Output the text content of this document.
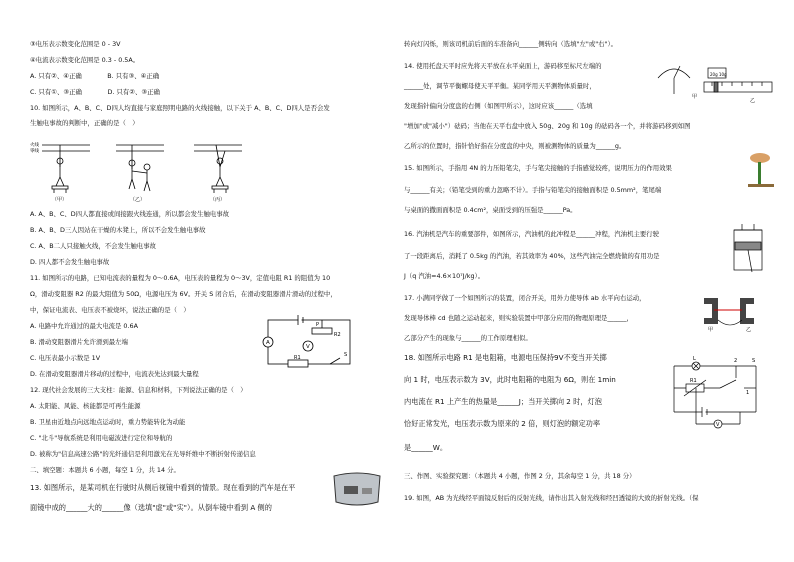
③电压表示数变化范围是 0 - 3V
④电流表示数变化范围是 0.3 - 0.5A。
A. 只有②、④正确　　　　B. 只有③、④正确
C. 只有①、③正确　　　　D. 只有②、③正确
10. 如图所示，A、B、C、D四人均直接与家庭照明电路的火线接触，以下关于 A、B、C、D四人是否会发
生触电事故的判断中，正确的是（　）
火线
零线
（甲）	（乙）	（丙）
A. A、B、C、D四人都直接或间接跟火线连通，所以都会发生触电事故
B. A、B、D三人因站在干燥的木凳上，所以不会发生触电事故
C. A、B二人只接触火线，不会发生触电事故
D. 四人都不会发生触电事故
11. 如图所示的电路，已知电流表的量程为 0～0.6A，电压表的量程为 0～3V，定值电阻 R1 的阻值为 10
Ω，滑动变阻器 R2 的最大阻值为 50Ω，电源电压为 6V。开关 S 闭合后，在滑动变阻器滑片滑动的过程中，
中，保证电流表、电压表不被烧坏，说法正确的是（　）
A. 电路中允许通过的最大电流是 0.6A
B. 滑动变阻器滑片允许滑到最左端
C. 电压表最小示数是 1V
D. 在滑动变阻器滑片移动的过程中，电流表先达到最大量程
A
V
P
R2
R1	S
12. 现代社会发展的三大支柱：能源、信息和材料，下列说法正确的是（　）
A. 太阳能、风能、核能都是可再生能源
B. 卫星由近地点向远地点运动时，重力势能转化为动能
C. "北斗"导航系统是利用电磁波进行定位和导航的
D. 被称为"信息高速公路"的光纤通信是利用激光在光导纤维中不断折射传递信息
二、填空题：本题共 6 小题，每空 1 分，共 14 分。
13. 如图所示，是某司机在行驶时从侧后视镜中看到的情景。现在看到的汽车是在平
面镜中成的______大的______像（选填"虚"或"实"）。从倒车镜中看到 A 侧的
转向灯闪烁，则该司机前后面的车准备向______侧转向（选填"左"或"右"）。
14. 使用托盘天平时应先将天平放在水平桌面上，游码移至标尺左端的
______处，调节平衡螺母使天平平衡。某同学用天平测物体质量时，
发现指针偏向分度盘的右侧（如图甲所示），这时应该______（选填
"增加"或"减小"）砝码；当他在天平右盘中放入 50g、20g 和 10g 的砝码各一个，并将游码移到如图
乙所示的位置时，指针恰好指在分度盘的中央，则被测物体的质量为______g。
20g 10g
甲
乙
15. 如图所示，手指用 4N 的力压铅笔尖，手与笔尖接触的手指感觉较疼，说明压力的作用效果
与______有关；（铅笔受到的重力忽略不计）。手指与铅笔尖的接触面积是 0.5mm²，笔尾端
与桌面的撒面面积是 0.4cm²，桌面受到的压强是______Pa。
16. 汽油机是汽车的重要部件，如图所示，汽油机的此冲程是______冲程，汽油机主要行驶
了一段距离后，消耗了 0.5kg 的汽油，若其效率为 40%，这些汽油完全燃烧做的有用功是
J（q 汽油=4.6×10⁷J/kg）。
17. 小满同学做了一个如图所示的装置，闭合开关，用外力使导体 ab 水平向右运动，
发现导体棒 cd 也随之运动起来，则实验装置中甲部分应用的物理原理是______，
乙部分产生的现象与______的工作原理相似。
甲	乙
18. 如图所示电路 R1 是电阻箱，电源电压保持9V不变当开关掷
向 1 时，电压表示数为 3V，此时电阻箱的电阻为 6Ω，则在 1min
内电流在 R1 上产生的热量是______J；当开关掷向 2 时，灯泡
恰好正常发光，电压表示数为原来的 2 倍，则灯泡的额定功率
是______W。
L	2
1
R1
S
V
三、作图、实验探究题：（本题共 4 小题，作图 2 分，其余每空 1 分，共 18 分）
19. 如图，AB 为光线经平面镜反射后的反射光线，请作出其入射光线和经凹透镜的大致的折射光线。（保
